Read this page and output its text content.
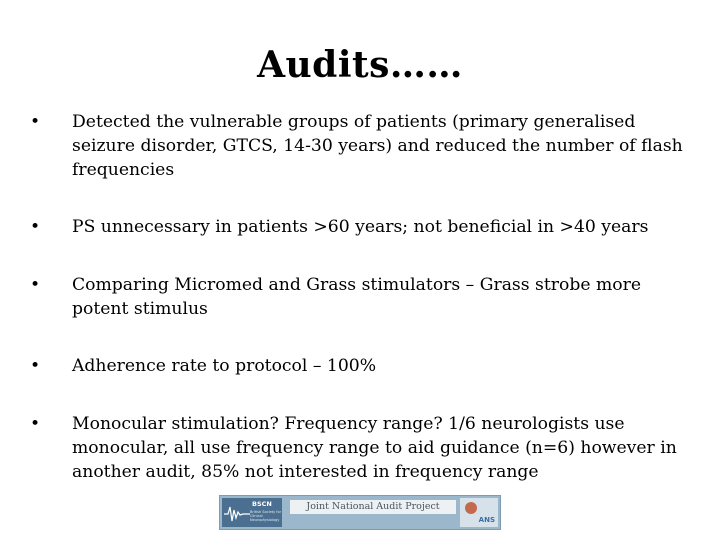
Audits……
•	Detected the vulnerable groups of patients (primary generalised seizure disorder, GTCS, 14-30 years) and reduced the number of flash frequencies
•	PS unnecessary in patients >60 years; not beneficial in >40 years
•	Comparing Micromed and Grass stimulators – Grass strobe more potent stimulus
•	Adherence rate to protocol – 100%
•	Monocular stimulation? Frequency range? 1/6 neurologists use monocular, all use frequency range to aid guidance (n=6) however in another audit, 85% not interested in frequency range
BSCN
British Society for Clinical Neurophysiology
Joint National Audit Project
ANS
